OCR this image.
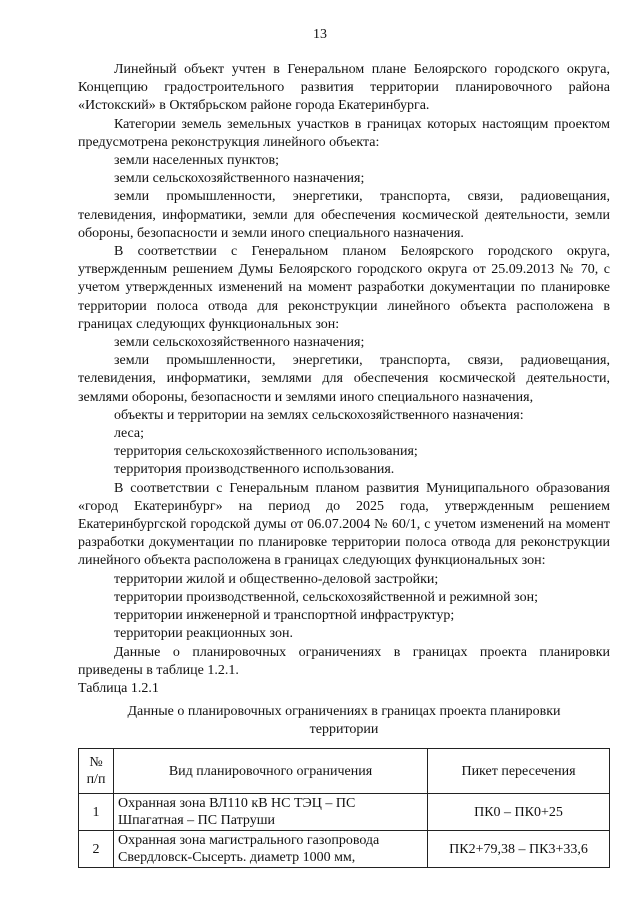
13

Линейный объект учтен в Генеральном плане Белоярского городского округа, Концепцию градостроительного развития территории планировочного района «Истокский» в Октябрьском районе города Екатеринбурга.

Категории земель земельных участков в границах которых настоящим проектом предусмотрена реконструкция линейного объекта:

земли населенных пунктов;

земли сельскохозяйственного назначения;

земли промышленности, энергетики, транспорта, связи, радиовещания, телевидения, информатики, земли для обеспечения космической деятельности, земли обороны, безопасности и земли иного специального назначения.

В соответствии с Генеральном планом Белоярского городского округа, утвержденным решением Думы Белоярского городского округа от 25.09.2013 № 70, с учетом утвержденных изменений на момент разработки документации по планировке территории полоса отвода для реконструкции линейного объекта расположена в границах следующих функциональных зон:

земли сельскохозяйственного назначения;

земли промышленности, энергетики, транспорта, связи, радиовещания, телевидения, информатики, землями для обеспечения космической деятельности, землями обороны, безопасности и землями иного специального назначения,

объекты и территории на землях сельскохозяйственного назначения:

леса;

территория сельскохозяйственного использования;

территория производственного использования.

В соответствии с Генеральным планом развития Муниципального образования «город Екатеринбург» на период до 2025 года, утвержденным решением Екатеринбургской городской думы от 06.07.2004 № 60/1, с учетом изменений на момент разработки документации по планировке территории полоса отвода для реконструкции линейного объекта расположена в границах следующих функциональных зон:

территории жилой и общественно-деловой застройки;

территории производственной, сельскохозяйственной и режимной зон;

территории инженерной и транспортной инфраструктур;

территории реакционных зон.

Данные о планировочных ограничениях в границах проекта планировки приведены в таблице 1.2.1.

Таблица 1.2.1

Данные о планировочных ограничениях в границах проекта планировки территории

№ п/п	Вид планировочного ограничения	Пикет пересечения
1	Охранная зона ВЛ110 кВ НС ТЭЦ – ПС Шпагатная – ПС Патруши	ПК0 – ПК0+25
2	Охранная зона магистрального газопровода Свердловск-Сысерть. диаметр 1000 мм,	ПК2+79,38 – ПК3+33,6
